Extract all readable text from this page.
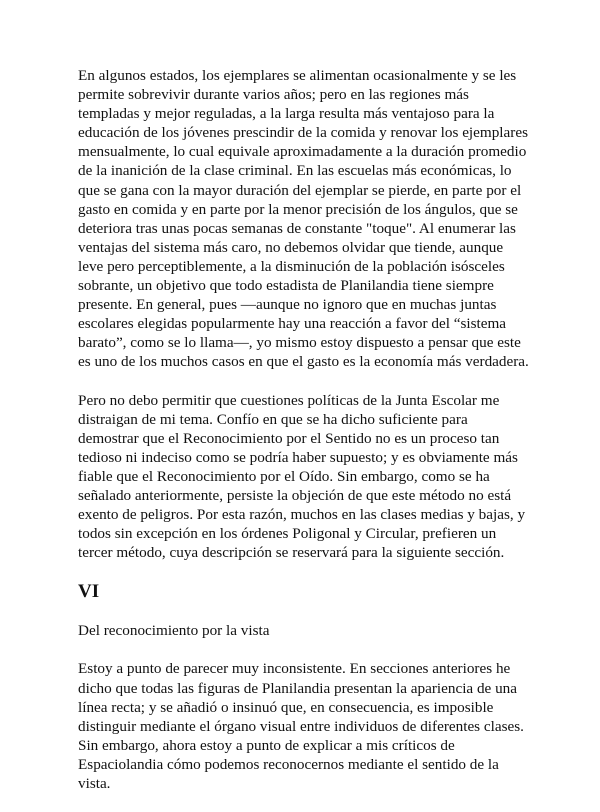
En algunos estados, los ejemplares se alimentan ocasionalmente y se les permite sobrevivir durante varios años; pero en las regiones más templadas y mejor reguladas, a la larga resulta más ventajoso para la educación de los jóvenes prescindir de la comida y renovar los ejemplares mensualmente, lo cual equivale aproximadamente a la duración promedio de la inanición de la clase criminal. En las escuelas más económicas, lo que se gana con la mayor duración del ejemplar se pierde, en parte por el gasto en comida y en parte por la menor precisión de los ángulos, que se deteriora tras unas pocas semanas de constante "toque". Al enumerar las ventajas del sistema más caro, no debemos olvidar que tiende, aunque leve pero perceptiblemente, a la disminución de la población isósceles sobrante, un objetivo que todo estadista de Planilandia tiene siempre presente. En general, pues —aunque no ignoro que en muchas juntas escolares elegidas popularmente hay una reacción a favor del “sistema barato”, como se lo llama—, yo mismo estoy dispuesto a pensar que este es uno de los muchos casos en que el gasto es la economía más verdadera.

Pero no debo permitir que cuestiones políticas de la Junta Escolar me distraigan de mi tema. Confío en que se ha dicho suficiente para demostrar que el Reconocimiento por el Sentido no es un proceso tan tedioso ni indeciso como se podría haber supuesto; y es obviamente más fiable que el Reconocimiento por el Oído. Sin embargo, como se ha señalado anteriormente, persiste la objeción de que este método no está exento de peligros. Por esta razón, muchos en las clases medias y bajas, y todos sin excepción en los órdenes Poligonal y Circular, prefieren un tercer método, cuya descripción se reservará para la siguiente sección.

VI

Del reconocimiento por la vista

Estoy a punto de parecer muy inconsistente. En secciones anteriores he dicho que todas las figuras de Planilandia presentan la apariencia de una línea recta; y se añadió o insinuó que, en consecuencia, es imposible distinguir mediante el órgano visual entre individuos de diferentes clases. Sin embargo, ahora estoy a punto de explicar a mis críticos de Espaciolandia cómo podemos reconocernos mediante el sentido de la vista.
